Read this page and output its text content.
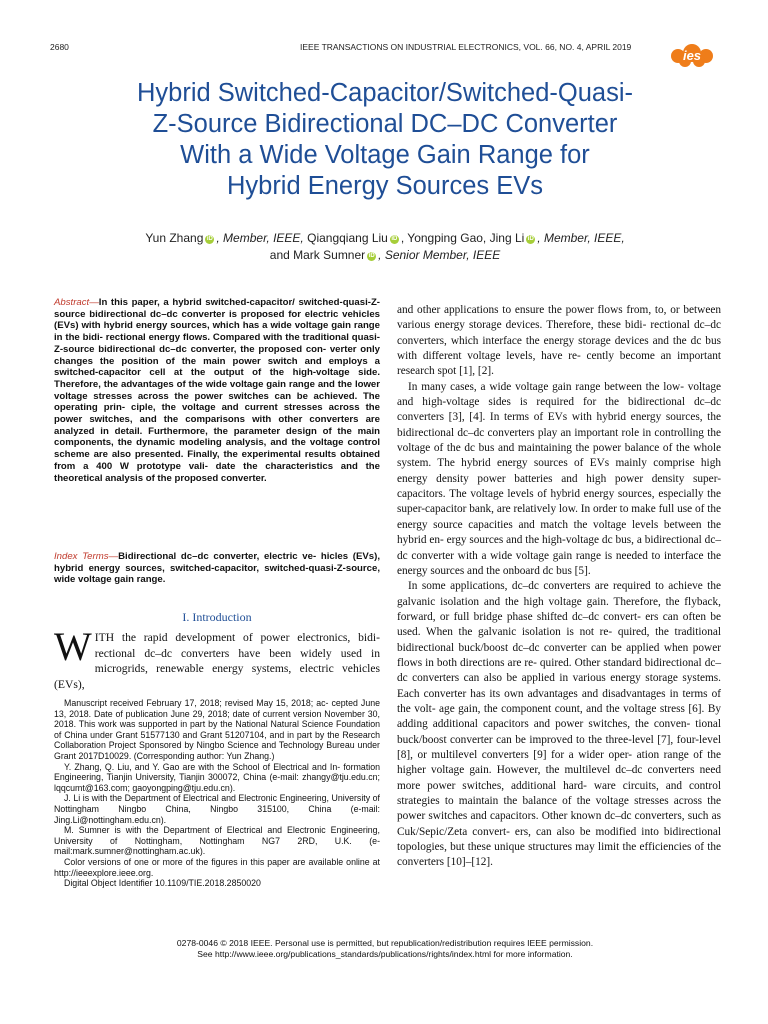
2680	IEEE TRANSACTIONS ON INDUSTRIAL ELECTRONICS, VOL. 66, NO. 4, APRIL 2019
ies
Hybrid Switched-Capacitor/Switched-Quasi-
Z-Source Bidirectional DC–DC Converter
With a Wide Voltage Gain Range for
Hybrid Energy Sources EVs
Yun Zhang iD , Member, IEEE, Qiangqiang Liu iD , Yongping Gao, Jing Li iD , Member, IEEE,
and Mark Sumner iD , Senior Member, IEEE
Abstract—In this paper, a hybrid switched-capacitor/ switched-quasi-Z-source bidirectional dc–dc converter is proposed for electric vehicles (EVs) with hybrid energy sources, which has a wide voltage gain range in the bidi- rectional energy flows. Compared with the traditional quasi- Z-source bidirectional dc–dc converter, the proposed con- verter only changes the position of the main power switch and employs a switched-capacitor cell at the output of the high-voltage side. Therefore, the advantages of the wide voltage gain range and the lower voltage stresses across the power switches can be achieved. The operating prin- ciple, the voltage and current stresses across the power switches, and the comparisons with other converters are analyzed in detail. Furthermore, the parameter design of the main components, the dynamic modeling analysis, and the voltage control scheme are also presented. Finally, the experimental results obtained from a 400 W prototype vali- date the characteristics and the theoretical analysis of the proposed converter.
Index Terms—Bidirectional dc–dc converter, electric ve- hicles (EVs), hybrid energy sources, switched-capacitor, switched-quasi-Z-source, wide voltage gain range.
I. Introduction
WITH the rapid development of power electronics, bidi- rectional dc–dc converters have been widely used in microgrids, renewable energy systems, electric vehicles (EVs),

Manuscript received February 17, 2018; revised May 15, 2018; ac- cepted June 13, 2018. Date of publication June 29, 2018; date of current version November 30, 2018. This work was supported in part by the National Natural Science Foundation of China under Grant 51577130 and Grant 51207104, and in part by the Research Collaboration Project Sponsored by Ningbo Science and Technology Bureau under Grant 2017D10029. (Corresponding author: Yun Zhang.)

Y. Zhang, Q. Liu, and Y. Gao are with the School of Electrical and In- formation Engineering, Tianjin University, Tianjin 300072, China (e-mail: zhangy@tju.edu.cn; lqqcumt@163.com; gaoyongping@tju.edu.cn).

J. Li is with the Department of Electrical and Electronic Engineering, University of Nottingham Ningbo China, Ningbo 315100, China (e-mail: Jing.Li@nottingham.edu.cn).

M. Sumner is with the Department of Electrical and Electronic Engineering, University of Nottingham, Nottingham NG7 2RD, U.K. (e-mail:mark.sumner@nottingham.ac.uk).

Color versions of one or more of the figures in this paper are available online at http://ieeexplore.ieee.org.

Digital Object Identifier 10.1109/TIE.2018.2850020

and other applications to ensure the power flows from, to, or between various energy storage devices. Therefore, these bidi- rectional dc–dc converters, which interface the energy storage devices and the dc bus with different voltage levels, have re- cently become an important research spot [1], [2].

In many cases, a wide voltage gain range between the low- voltage and high-voltage sides is required for the bidirectional dc–dc converters [3], [4]. In terms of EVs with hybrid energy sources, the bidirectional dc–dc converters play an important role in controlling the voltage of the dc bus and maintaining the power balance of the whole system. The hybrid energy sources of EVs mainly comprise high energy density power batteries and high power density super-capacitors. The voltage levels of hybrid energy sources, especially the super-capacitor bank, are relatively low. In order to make full use of the energy source capacities and match the voltage levels between the hybrid en- ergy sources and the high-voltage dc bus, a bidirectional dc–dc converter with a wide voltage gain range is needed to interface the energy sources and the onboard dc bus [5].

In some applications, dc–dc converters are required to achieve the galvanic isolation and the high voltage gain. Therefore, the flyback, forward, or full bridge phase shifted dc–dc convert- ers can often be used. When the galvanic isolation is not re- quired, the traditional bidirectional buck/boost dc–dc converter can be applied when power flows in both directions are re- quired. Other standard bidirectional dc–dc converters can also be applied in various energy storage systems. Each converter has its own advantages and disadvantages in terms of the volt- age gain, the component count, and the voltage stress [6]. By adding additional capacitors and power switches, the conven- tional buck/boost converter can be improved to the three-level [7], four-level [8], or multilevel converters [9] for a wider oper- ation range of the higher voltage gain. However, the multilevel dc–dc converters need more power switches, additional hard- ware circuits, and control strategies to maintain the balance of the voltage stresses across the power switches and capacitors. Other known dc–dc converters, such as Cuk/Sepic/Zeta convert- ers, can also be modified into bidirectional topologies, but these unique structures may limit the efficiencies of the converters [10]–[12].

0278-0046 © 2018 IEEE. Personal use is permitted, but republication/redistribution requires IEEE permission.
See http://www.ieee.org/publications_standards/publications/rights/index.html for more information.
